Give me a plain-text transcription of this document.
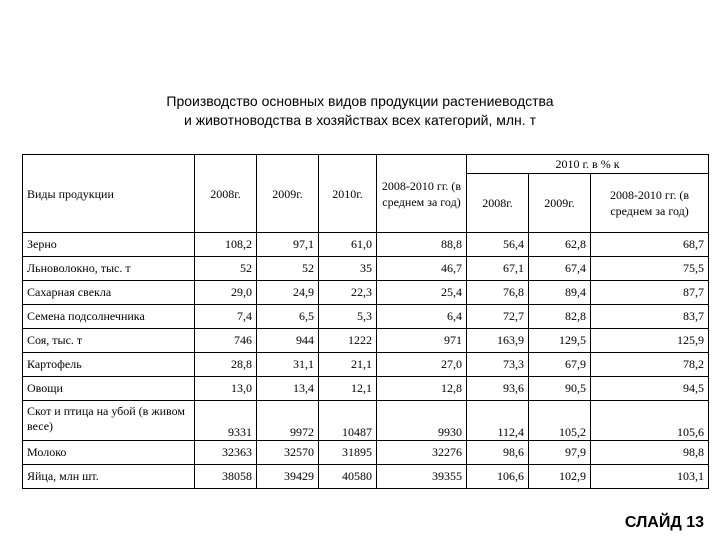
Производство основных видов продукции растениеводства
и животноводства в хозяйствах всех категорий, млн. т
Виды продукции	2008г.	2009г.	2010г.	2008-2010 гг. (в среднем за год)	2010 г. в % к		
					2008г.	2009г.	2008-2010 гг. (в среднем за год)
Зерно	108,2	97,1	61,0	88,8	56,4	62,8	68,7
Льноволокно, тыс. т	52	52	35	46,7	67,1	67,4	75,5
Сахарная свекла	29,0	24,9	22,3	25,4	76,8	89,4	87,7
Семена подсолнечника	7,4	6,5	5,3	6,4	72,7	82,8	83,7
Соя, тыс. т	746	944	1222	971	163,9	129,5	125,9
Картофель	28,8	31,1	21,1	27,0	73,3	67,9	78,2
Овощи	13,0	13,4	12,1	12,8	93,6	90,5	94,5
Скот и птица на убой (в живом весе)	9331	9972	10487	9930	112,4	105,2	105,6
Молоко	32363	32570	31895	32276	98,6	97,9	98,8
Яйца, млн шт.	38058	39429	40580	39355	106,6	102,9	103,1
СЛАЙД 13
